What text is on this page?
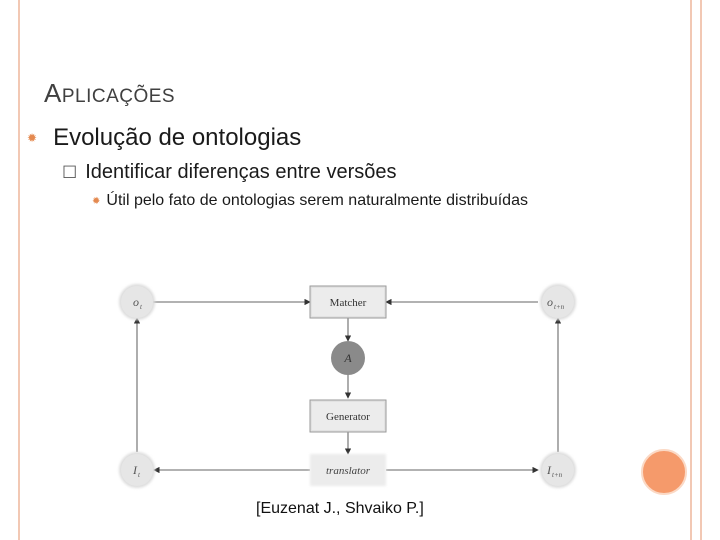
APLICAÇÕES
✹ Evolução de ontologias
☐ Identificar diferenças entre versões
✹ Útil pelo fato de ontologias serem naturalmente distribuídas
o t	o t+n
I t	I t+n
A
Matcher
Generator
translator
[Euzenat J., Shvaiko P.]
